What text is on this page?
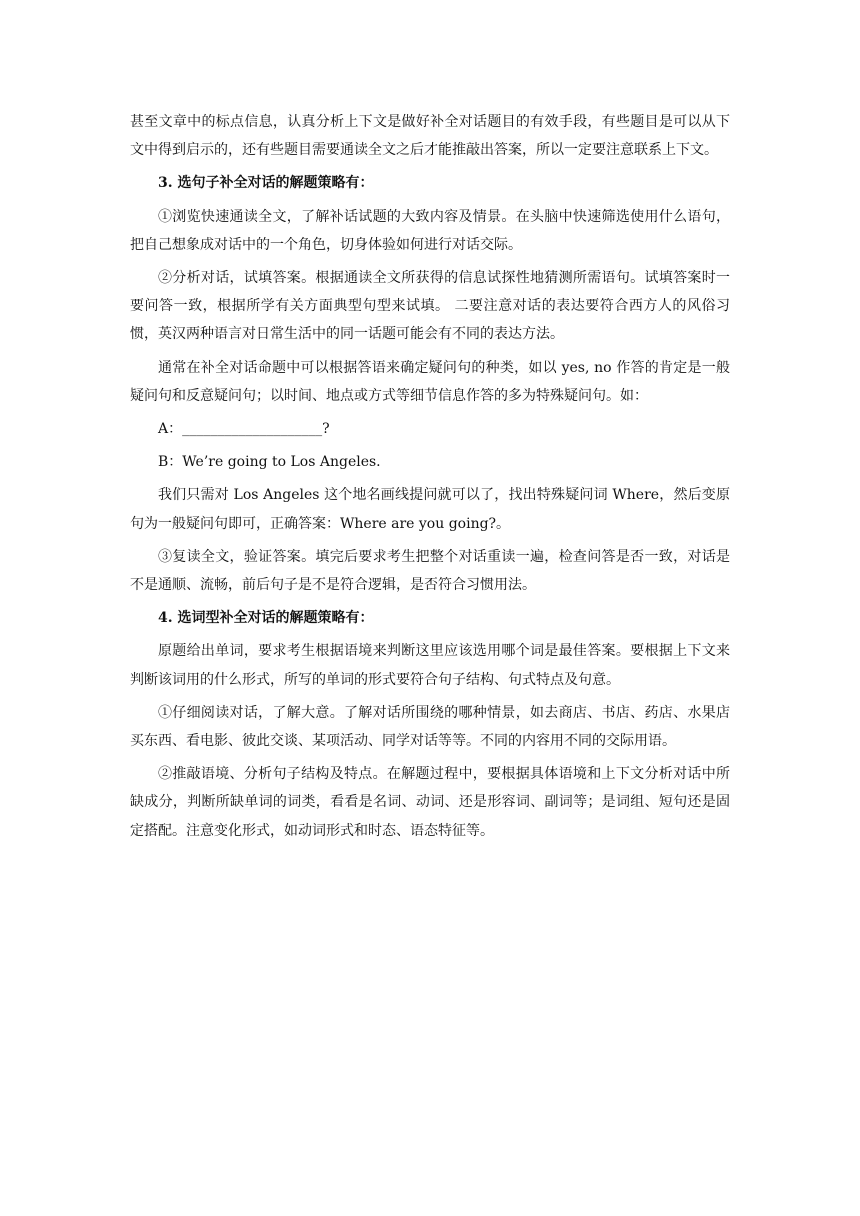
甚至文章中的标点信息，认真分析上下文是做好补全对话题目的有效手段，有些题目是可以从下文中得到启示的，还有些题目需要通读全文之后才能推敲出答案，所以一定要注意联系上下文。

3. 选句子补全对话的解题策略有：

①浏览快速通读全文，了解补话试题的大致内容及情景。在头脑中快速筛选使用什么语句，把自己想象成对话中的一个角色，切身体验如何进行对话交际。

②分析对话，试填答案。根据通读全文所获得的信息试探性地猜测所需语句。试填答案时一要问答一致，根据所学有关方面典型句型来试填。 二要注意对话的表达要符合西方人的风俗习惯，英汉两种语言对日常生活中的同一话题可能会有不同的表达方法。

通常在补全对话命题中可以根据答语来确定疑问句的种类，如以 yes, no 作答的肯定是一般疑问句和反意疑问句；以时间、地点或方式等细节信息作答的多为特殊疑问句。如：

A：____________________?

B：We’re going to Los Angeles.

我们只需对 Los Angeles 这个地名画线提问就可以了，找出特殊疑问词 Where，然后变原句为一般疑问句即可，正确答案：Where are you going?。

③复读全文，验证答案。填完后要求考生把整个对话重读一遍，检查问答是否一致，对话是不是通顺、流畅，前后句子是不是符合逻辑，是否符合习惯用法。

4. 选词型补全对话的解题策略有：

原题给出单词，要求考生根据语境来判断这里应该选用哪个词是最佳答案。要根据上下文来判断该词用的什么形式，所写的单词的形式要符合句子结构、句式特点及句意。

①仔细阅读对话，了解大意。了解对话所围绕的哪种情景，如去商店、书店、药店、水果店买东西、看电影、彼此交谈、某项活动、同学对话等等。不同的内容用不同的交际用语。

②推敲语境、分析句子结构及特点。在解题过程中，要根据具体语境和上下文分析对话中所缺成分，判断所缺单词的词类，看看是名词、动词、还是形容词、副词等；是词组、短句还是固定搭配。注意变化形式，如动词形式和时态、语态特征等。
